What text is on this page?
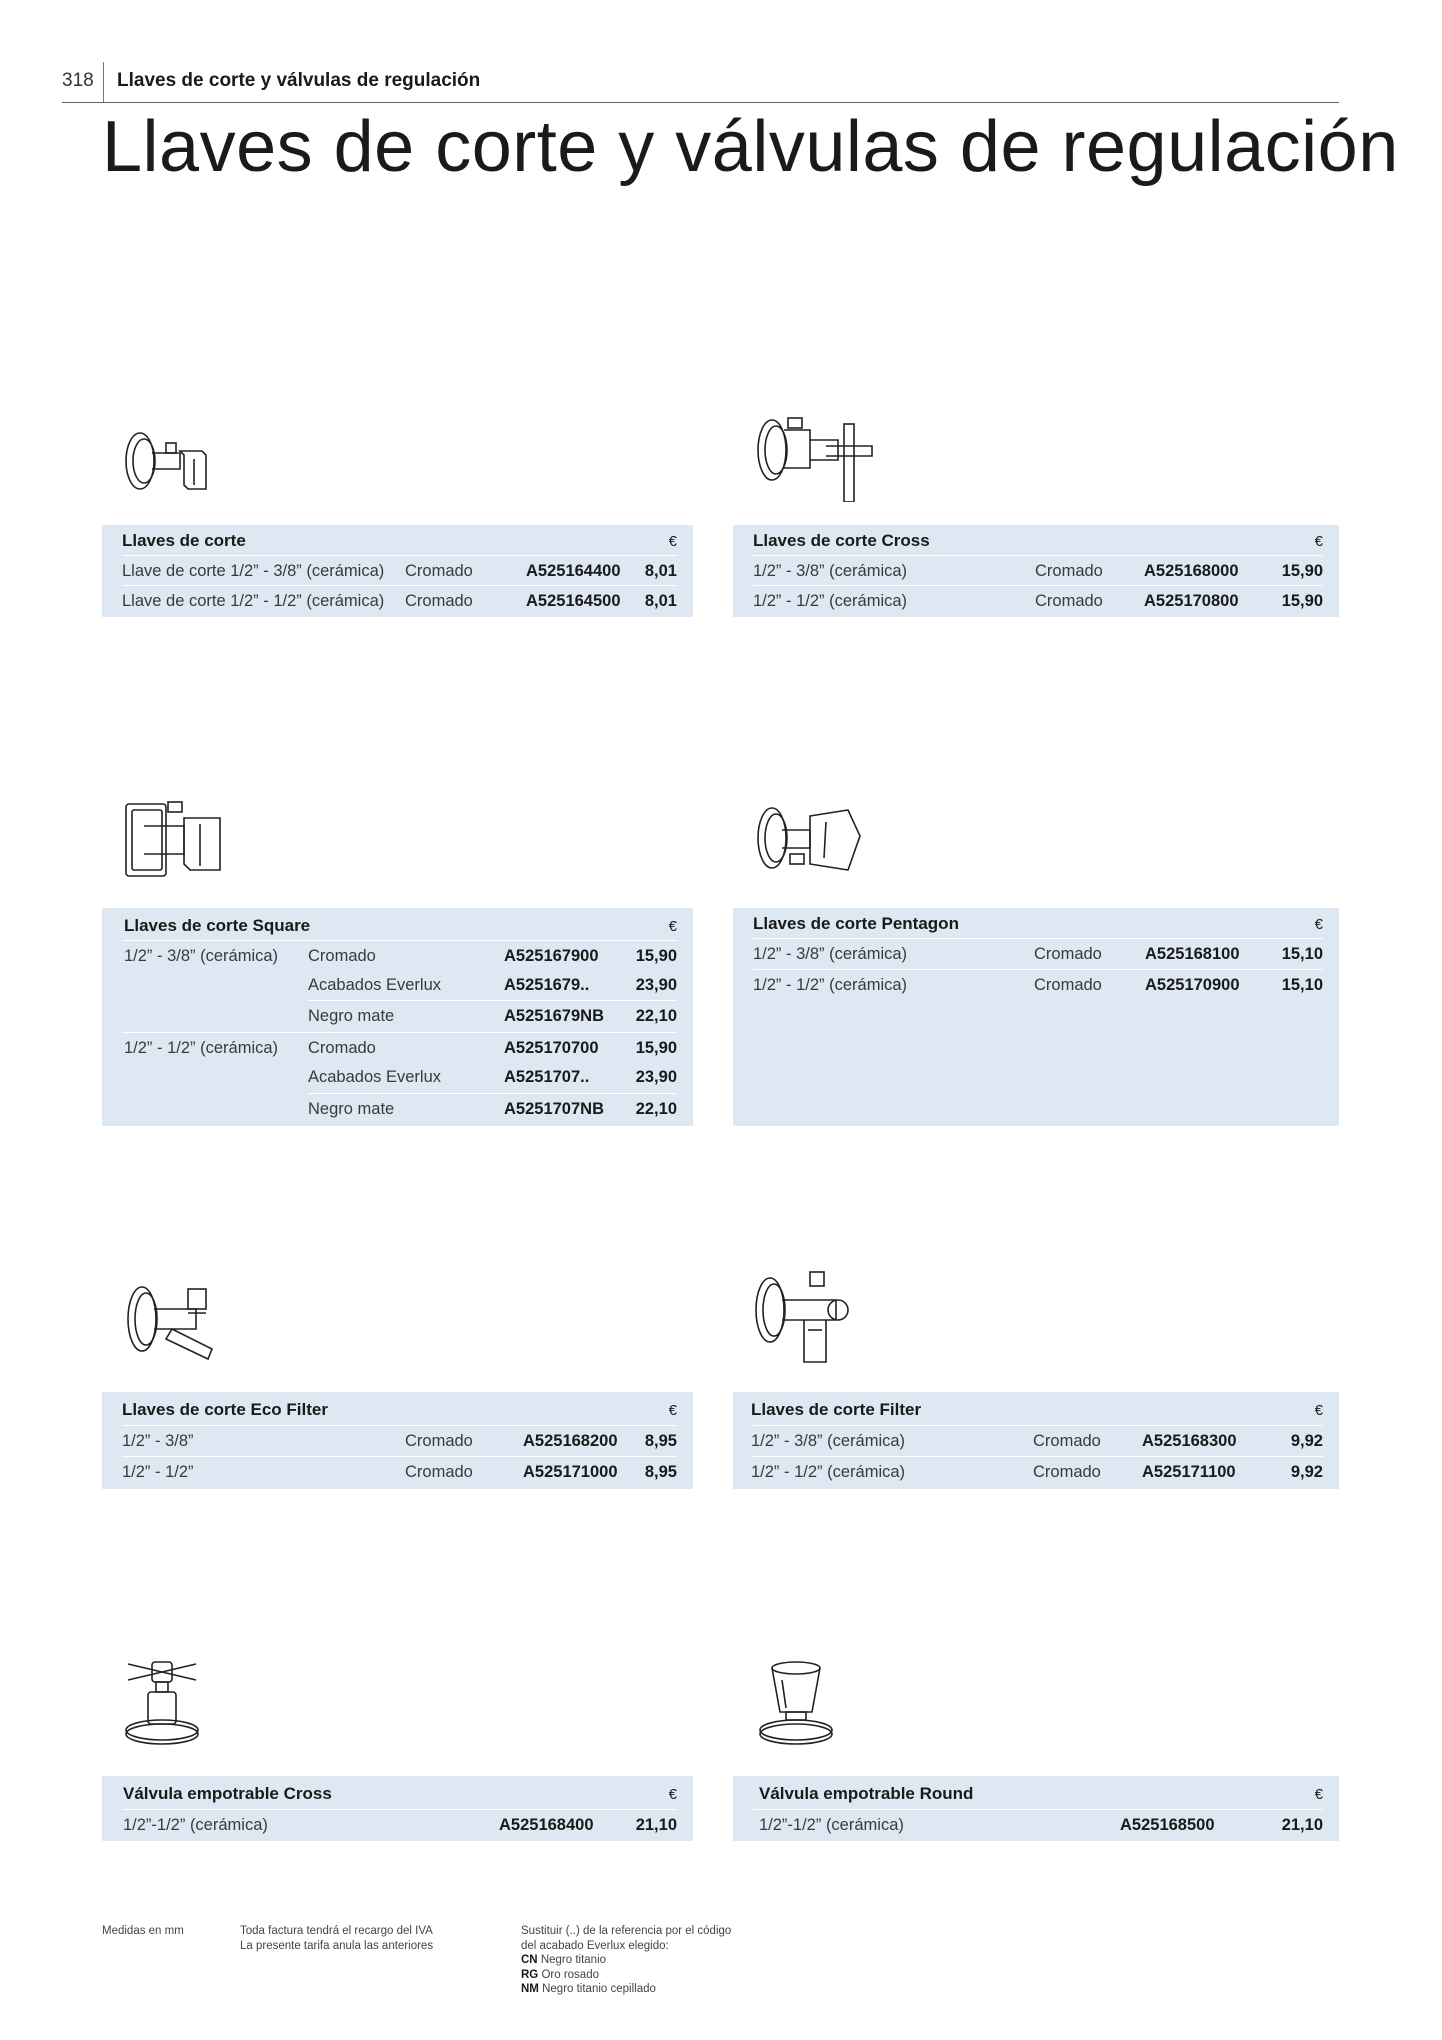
318 Llaves de corte y válvulas de regulación
Llaves de corte y válvulas de regulación
Llaves de corte	€
Llave de corte 1/2” - 3/8” (cerámica) Cromado	A525164400 8,01
Llave de corte 1/2” - 1/2” (cerámica) Cromado	A525164500 8,01
Llaves de corte Cross	€
1/2” - 3/8” (cerámica)	Cromado A525168000	15,90
1/2” - 1/2” (cerámica)	Cromado A525170800	15,90
Llaves de corte Square	€
1/2” - 3/8” (cerámica) Cromado	A525167900 15,90
Acabados Everlux	A5251679..	23,90
Negro mate	A5251679NB 22,10
1/2” - 1/2” (cerámica) Cromado	A525170700 15,90
Acabados Everlux	A5251707..	23,90
Negro mate	A5251707NB 22,10
Llaves de corte Pentagon	€
1/2” - 3/8” (cerámica)	Cromado	A525168100	15,10
1/2” - 1/2” (cerámica)	Cromado	A525170900	15,10
Llaves de corte Eco Filter	€
1/2” - 3/8”	Cromado	A525168200 8,95
1/2” - 1/2”	Cromado	A525171000 8,95
Llaves de corte Filter	€
1/2” - 3/8” (cerámica)	Cromado A525168300	9,92
1/2” - 1/2” (cerámica)	Cromado A525171100	9,92
Válvula empotrable Cross	€
1/2”-1/2” (cerámica)	A525168400	21,10
Válvula empotrable Round	€
1/2”-1/2” (cerámica)	A525168500	21,10
Medidas en mm	Toda factura tendrá el recargo del IVA
La presente tarifa anula las anteriores
Sustituir (..) de la referencia por el código
del acabado Everlux elegido:
CN Negro titanio
RG Oro rosado
NM Negro titanio cepillado
